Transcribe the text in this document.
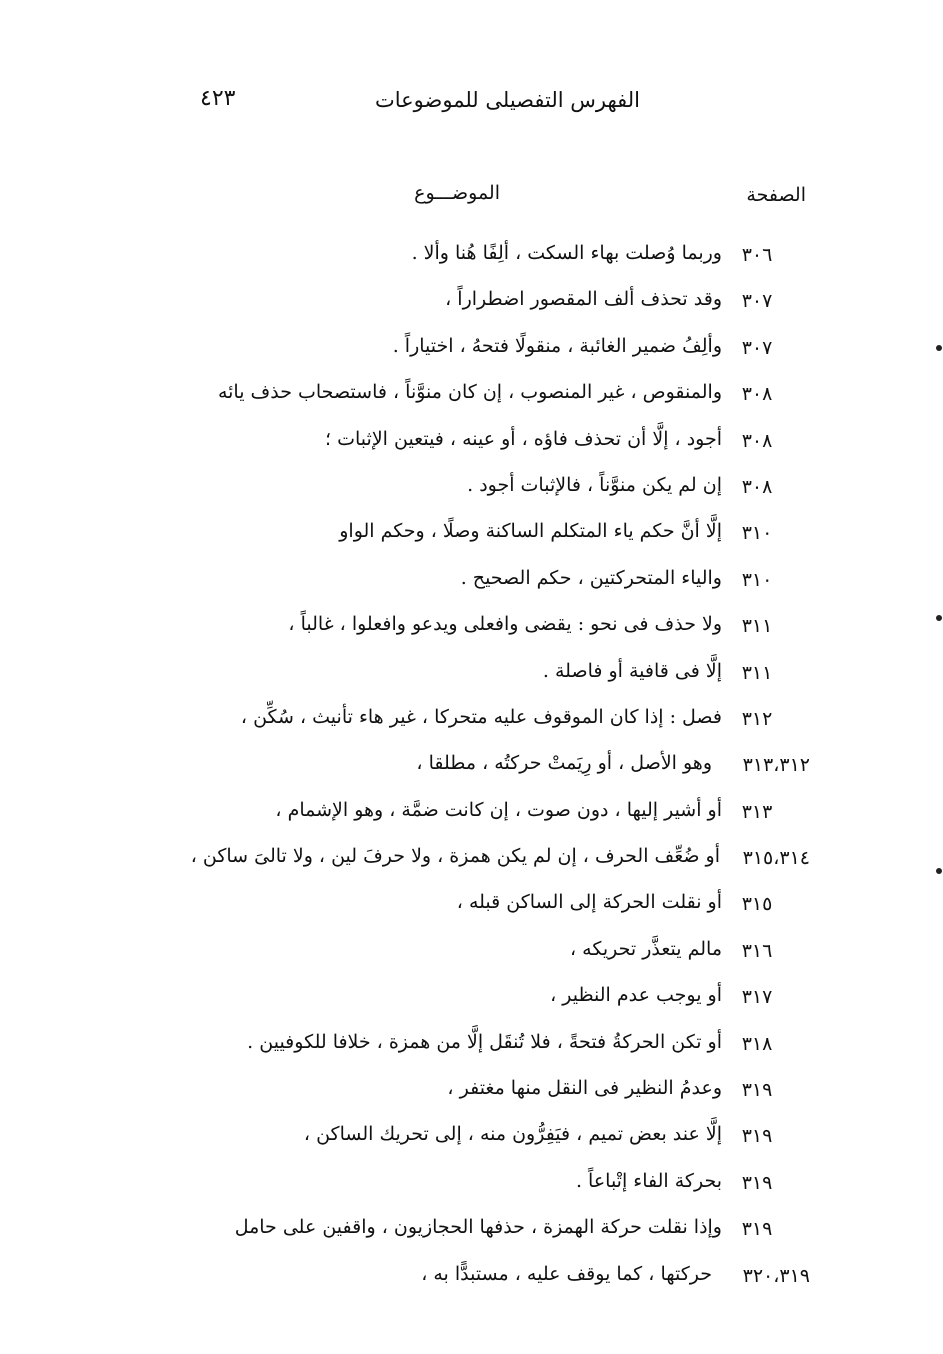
الفهرس التفصيلى للموضوعات
٤٢٣
الصفحة
الموضـــوع
٣٠٦
وربما وُصلت بهاء السكت ، ألِفًا هُنا وألا .
٣٠٧
وقد تحذف ألف المقصور اضطراراً ،
٣٠٧
وألِفُ ضمير الغائبة ، منقولًا فتحهُ ، اختياراً .
٣٠٨
والمنقوص ، غير المنصوب ، إن كان منوَّناً ، فاستصحاب حذف يائه
٣٠٨
أجود ، إلَّا أن تحذف فاؤه ، أو عينه ، فيتعين الإثبات ؛
٣٠٨
إن لم يكن منوَّناً ، فالإثبات أجود .
٣١٠
إلَّا أنَّ حكم ياء المتكلم الساكنة وصلًا ، وحكم الواو
٣١٠
والياء المتحركتين ، حكم الصحيح .
٣١١
ولا حذف فى نحو : يقضى وافعلى ويدعو وافعلوا ، غالباً ،
٣١١
إلَّا فى قافية أو فاصلة .
٣١٢
فصل : إذا كان الموقوف عليه متحركا ، غير هاء تأنيث ، سُكِّن ،
٣١٣،٣١٢
وهو الأصل ، أو رِيَمتْ حركتُه ، مطلقا ،
٣١٣
أو أشير إليها ، دون صوت ، إن كانت ضمَّة ، وهو الإشمام ،
٣١٥،٣١٤
أو ضُعِّف الحرف ، إن لم يكن همزة ، ولا حرفَ لين ، ولا تالىَ ساكن ،
٣١٥
أو نقلت الحركة إلى الساكن قبله ،
٣١٦
مالم يتعذَّر تحريكه ،
٣١٧
أو يوجب عدم النظير ،
٣١٨
أو تكن الحركةُ فتحةً ، فلا تُنقَل إلَّا من همزة ، خلافا للكوفيين .
٣١٩
وعدمُ النظير فى النقل منها مغتفر ،
٣١٩
إلَّا عند بعض تميم ، فيَفِرُّون منه ، إلى تحريك الساكن ،
٣١٩
بحركة الفاء إتْباعاً .
٣١٩
وإذا نقلت حركة الهمزة ، حذفها الحجازيون ، واقفين على حامل
٣٢٠،٣١٩
حركتها ، كما يوقف عليه ، مستبدًّا به ،
